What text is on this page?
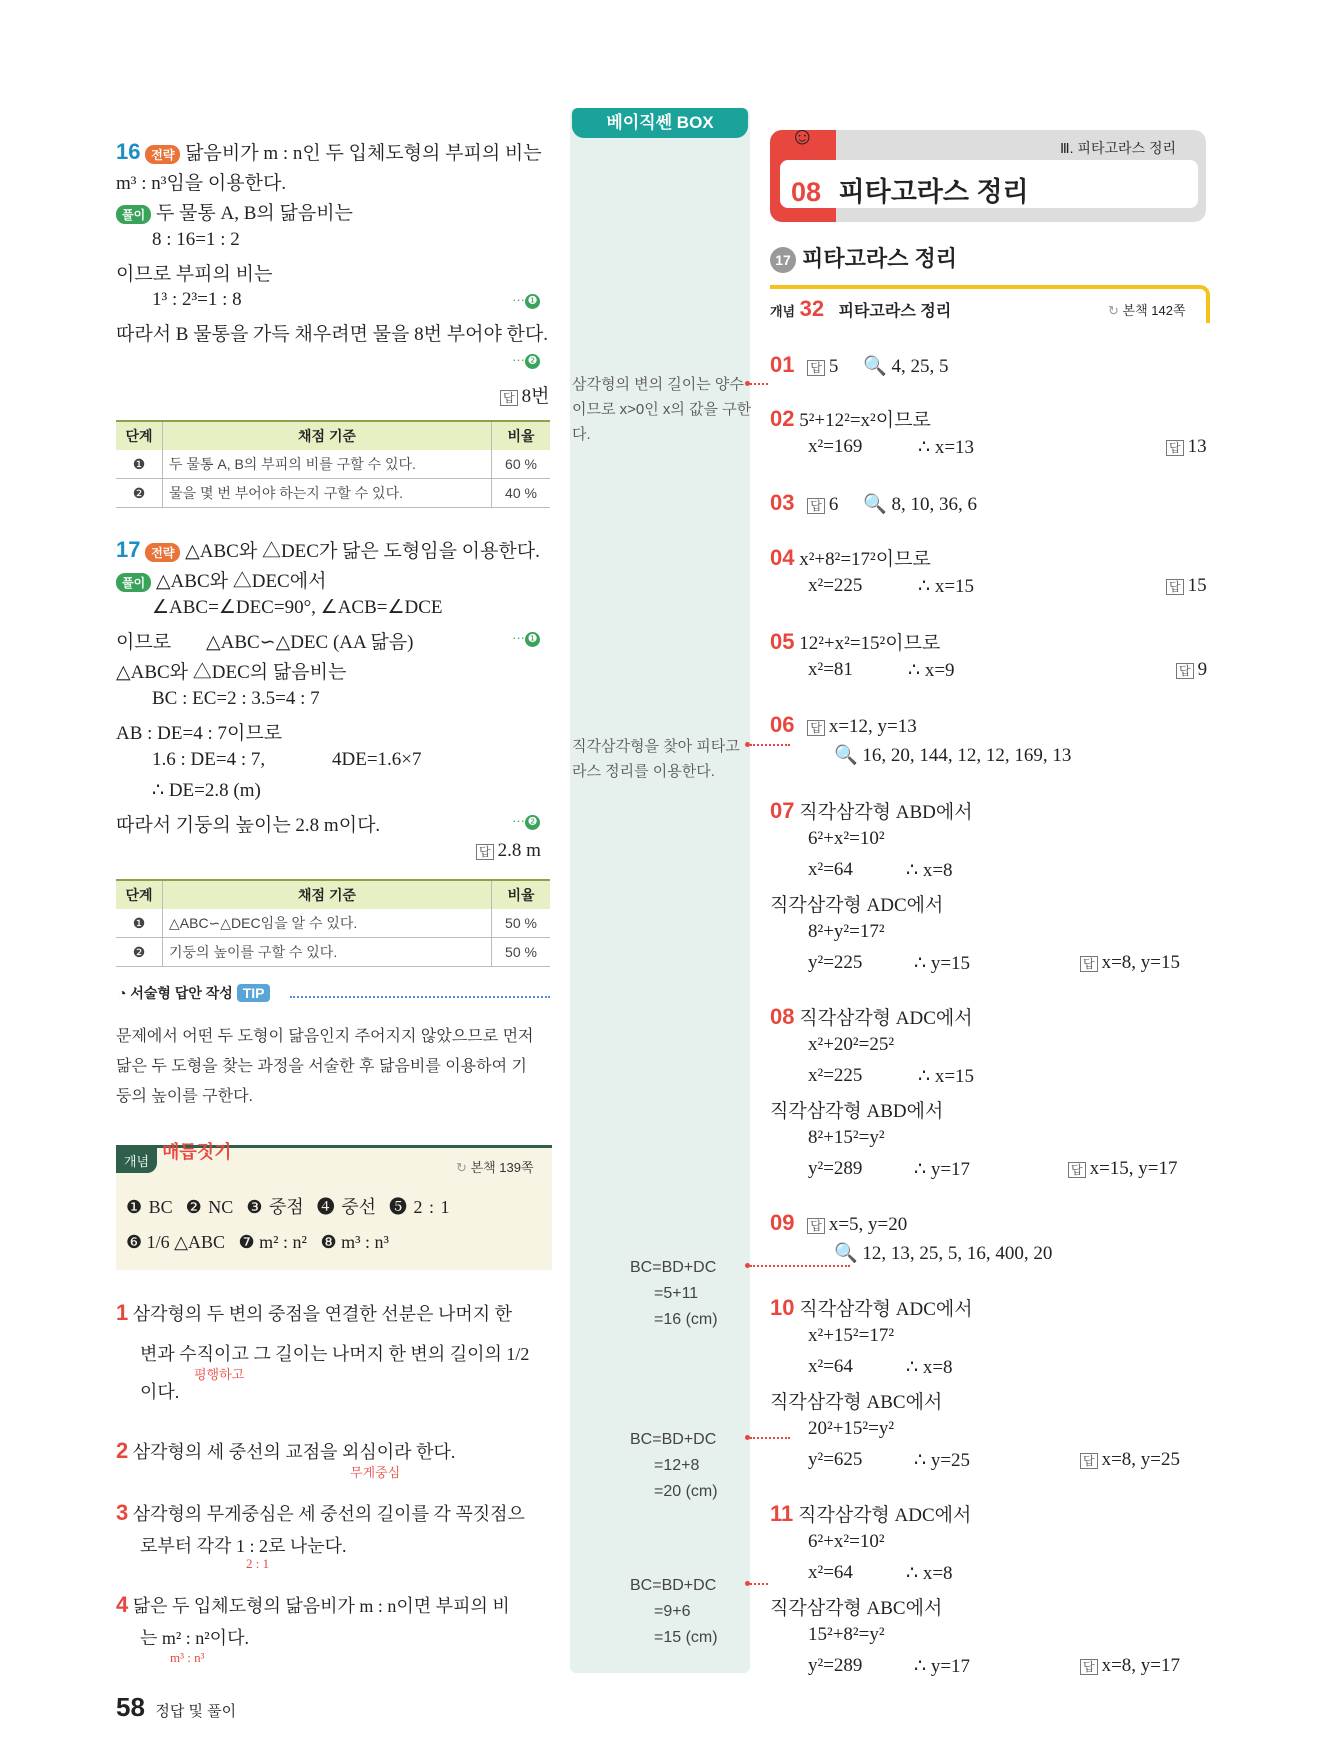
16 전략 닮음비가 m : n인 두 입체도형의 부피의 비는
m³ : n³임을 이용한다.
풀이 두 물통 A, B의 닮음비는
8 : 16=1 : 2
이므로 부피의 비는
1³ : 2³=1 : 8	··· ❶
따라서 B 물통을 가득 채우려면 물을 8번 부어야 한다.
··· ❷
답 8번
단계	채점 기준	비율
❶	두 물통 A, B의 부피의 비를 구할 수 있다.	60 %
❷	물을 몇 번 부어야 하는지 구할 수 있다.	40 %
17 전략 △ABC와 △DEC가 닮은 도형임을 이용한다.
풀이 △ABC와 △DEC에서
∠ABC=∠DEC=90°, ∠ACB=∠DCE
이므로 △ABC∽△DEC (AA 닮음)	··· ❶
△ABC와 △DEC의 닮음비는
BC : EC=2 : 3.5=4 : 7
AB : DE=4 : 7이므로
1.6 : DE=4 : 7,	4DE=1.6×7
∴ DE=2.8 (m)
따라서 기둥의 높이는 2.8 m이다.	··· ❷
답 2.8 m
단계	채점 기준	비율
❶	△ABC∽△DEC임을 알 수 있다.	50 %
❷	기둥의 높이를 구할 수 있다.	50 %
◔ 서술형 답안 작성 TIP
문제에서 어떤 두 도형이 닮음인지 주어지지 않았으므로 먼저
닮은 두 도형을 찾는 과정을 서술한 후 닮음비를 이용하여 기
둥의 높이를 구한다.
개념 매듭짓기
↻ 본책 139쪽
❶ BC ❷ NC ❸ 중점 ❹ 중선 ❺ 2 : 1
❻ 1/6 △ABC ❼ m² : n² ❽ m³ : n³
1 삼각형의 두 변의 중점을 연결한 선분은 나머지 한
변과 수직이고 그 길이는 나머지 한 변의 길이의 1/2
평행하고
이다.
2 삼각형의 세 중선의 교점을 외심이라 한다.
무게중심
3 삼각형의 무게중심은 세 중선의 길이를 각 꼭짓점으
로부터 각각 1 : 2로 나눈다.
2 : 1
4 닮은 두 입체도형의 닮음비가 m : n이면 부피의 비
는 m² : n²이다.
m³ : n³
58 정답 및 풀이
베이직쎈 BOX
삼각형의 변의 길이는 양수이므로 x>0인 x의 값을 구한다.
직각삼각형을 찾아 피타고라스 정리를 이용한다.
BC=BD+DC
=5+11
=16 (cm)
BC=BD+DC
=12+8
=20 (cm)
BC=BD+DC
=9+6
=15 (cm)
08 피타고라스 정리
Ⅲ. 피타고라스 정리
☺
17 피타고라스 정리
개념 32 피타고라스 정리	↻ 본책 142쪽
01 답 5 🔍 4, 25, 5
02 5²+12²=x²이므로
x²=169	∴ x=13	답 13
03 답 6 🔍 8, 10, 36, 6
04 x²+8²=17²이므로
x²=225	∴ x=15	답 15
05 12²+x²=15²이므로
x²=81	∴ x=9	답 9
06 답 x=12, y=13
🔍 16, 20, 144, 12, 12, 169, 13
07 직각삼각형 ABD에서
6²+x²=10²
x²=64	∴ x=8
직각삼각형 ADC에서
8²+y²=17²
y²=225	∴ y=15	답 x=8, y=15
08 직각삼각형 ADC에서
x²+20²=25²
x²=225	∴ x=15
직각삼각형 ABD에서
8²+15²=y²
y²=289	∴ y=17	답 x=15, y=17
09 답 x=5, y=20
🔍 12, 13, 25, 5, 16, 400, 20
10 직각삼각형 ADC에서
x²+15²=17²
x²=64	∴ x=8
직각삼각형 ABC에서
20²+15²=y²
y²=625	∴ y=25	답 x=8, y=25
11 직각삼각형 ADC에서
6²+x²=10²
x²=64	∴ x=8
직각삼각형 ABC에서
15²+8²=y²
y²=289	∴ y=17	답 x=8, y=17
